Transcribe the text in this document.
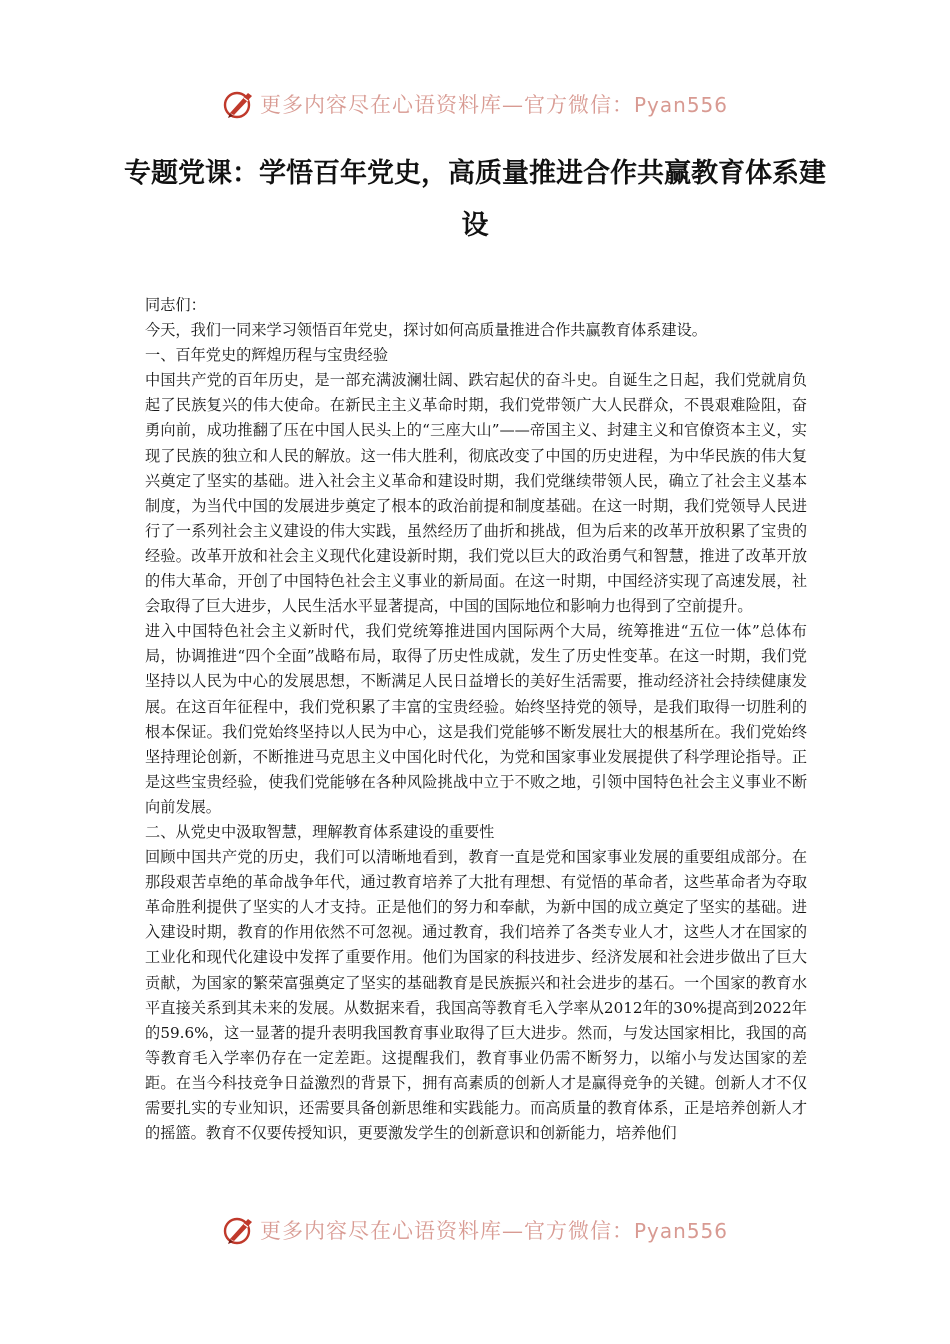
更多内容尽在心语资料库—官方微信：Pyan556
专题党课：学悟百年党史，高质量推进合作共赢教育体系建设

同志们：

今天，我们一同来学习领悟百年党史，探讨如何高质量推进合作共赢教育体系建设。

一、百年党史的辉煌历程与宝贵经验

中国共产党的百年历史，是一部充满波澜壮阔、跌宕起伏的奋斗史。自诞生之日起，我们党就肩负起了民族复兴的伟大使命。在新民主主义革命时期，我们党带领广大人民群众，不畏艰难险阻，奋勇向前，成功推翻了压在中国人民头上的“三座大山”——帝国主义、封建主义和官僚资本主义，实现了民族的独立和人民的解放。这一伟大胜利，彻底改变了中国的历史进程，为中华民族的伟大复兴奠定了坚实的基础。进入社会主义革命和建设时期，我们党继续带领人民，确立了社会主义基本制度，为当代中国的发展进步奠定了根本的政治前提和制度基础。在这一时期，我们党领导人民进行了一系列社会主义建设的伟大实践，虽然经历了曲折和挑战，但为后来的改革开放积累了宝贵的经验。改革开放和社会主义现代化建设新时期，我们党以巨大的政治勇气和智慧，推进了改革开放的伟大革命，开创了中国特色社会主义事业的新局面。在这一时期，中国经济实现了高速发展，社会取得了巨大进步，人民生活水平显著提高，中国的国际地位和影响力也得到了空前提升。

进入中国特色社会主义新时代，我们党统筹推进国内国际两个大局，统筹推进“五位一体”总体布局，协调推进“四个全面”战略布局，取得了历史性成就，发生了历史性变革。在这一时期，我们党坚持以人民为中心的发展思想，不断满足人民日益增长的美好生活需要，推动经济社会持续健康发展。在这百年征程中，我们党积累了丰富的宝贵经验。始终坚持党的领导，是我们取得一切胜利的根本保证。我们党始终坚持以人民为中心，这是我们党能够不断发展壮大的根基所在。我们党始终坚持理论创新，不断推进马克思主义中国化时代化，为党和国家事业发展提供了科学理论指导。正是这些宝贵经验，使我们党能够在各种风险挑战中立于不败之地，引领中国特色社会主义事业不断向前发展。

二、从党史中汲取智慧，理解教育体系建设的重要性

回顾中国共产党的历史，我们可以清晰地看到，教育一直是党和国家事业发展的重要组成部分。在那段艰苦卓绝的革命战争年代，通过教育培养了大批有理想、有觉悟的革命者，这些革命者为夺取革命胜利提供了坚实的人才支持。正是他们的努力和奉献，为新中国的成立奠定了坚实的基础。进入建设时期，教育的作用依然不可忽视。通过教育，我们培养了各类专业人才，这些人才在国家的工业化和现代化建设中发挥了重要作用。他们为国家的科技进步、经济发展和社会进步做出了巨大贡献，为国家的繁荣富强奠定了坚实的基础教育是民族振兴和社会进步的基石。一个国家的教育水平直接关系到其未来的发展。从数据来看，我国高等教育毛入学率从2012年的30%提高到2022年的59.6%，这一显著的提升表明我国教育事业取得了巨大进步。然而，与发达国家相比，我国的高等教育毛入学率仍存在一定差距。这提醒我们，教育事业仍需不断努力，以缩小与发达国家的差距。在当今科技竞争日益激烈的背景下，拥有高素质的创新人才是赢得竞争的关键。创新人才不仅需要扎实的专业知识，还需要具备创新思维和实践能力。而高质量的教育体系，正是培养创新人才的摇篮。教育不仅要传授知识，更要激发学生的创新意识和创新能力，培养他们

更多内容尽在心语资料库—官方微信：Pyan556
